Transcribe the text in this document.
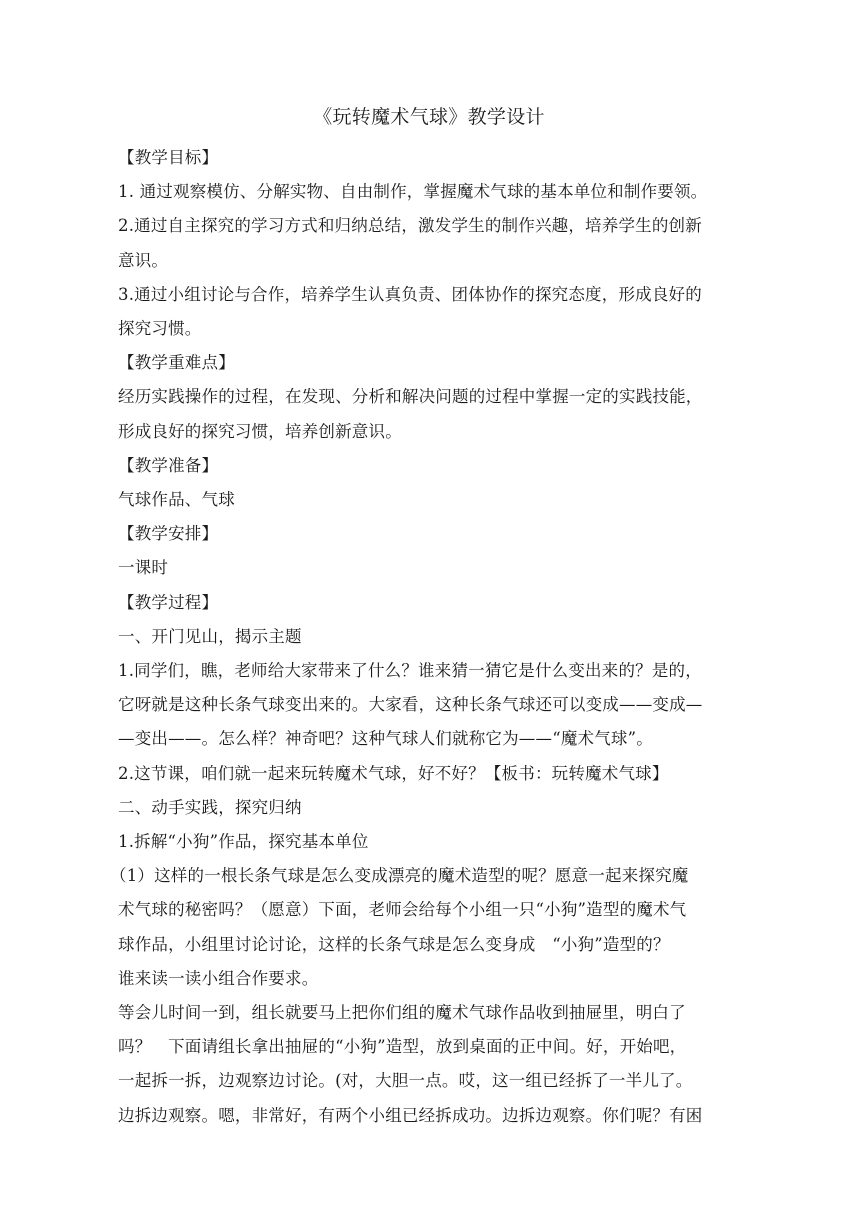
《玩转魔术气球》教学设计
【教学目标】
1. 通过观察模仿、分解实物、自由制作，掌握魔术气球的基本单位和制作要领。
2.通过自主探究的学习方式和归纳总结，激发学生的制作兴趣，培养学生的创新
意识。
3.通过小组讨论与合作，培养学生认真负责、团体协作的探究态度，形成良好的
探究习惯。
【教学重难点】
经历实践操作的过程，在发现、分析和解决问题的过程中掌握一定的实践技能，
形成良好的探究习惯，培养创新意识。
【教学准备】
气球作品、气球
【教学安排】
一课时
【教学过程】
一、开门见山，揭示主题
1.同学们，瞧，老师给大家带来了什么？谁来猜一猜它是什么变出来的？是的，
它呀就是这种长条气球变出来的。大家看，这种长条气球还可以变成——变成—
—变出——。怎么样？神奇吧？这种气球人们就称它为——“魔术气球”。
2.这节课，咱们就一起来玩转魔术气球，好不好？【板书：玩转魔术气球】
二、动手实践，探究归纳
1.拆解“小狗”作品，探究基本单位
（1）这样的一根长条气球是怎么变成漂亮的魔术造型的呢？愿意一起来探究魔
术气球的秘密吗？（愿意）下面，老师会给每个小组一只“小狗”造型的魔术气
球作品，小组里讨论讨论，这样的长条气球是怎么变身成　“小狗”造型的？
谁来读一读小组合作要求。
等会儿时间一到，组长就要马上把你们组的魔术气球作品收到抽屉里，明白了
吗？　下面请组长拿出抽屉的“小狗”造型，放到桌面的正中间。好，开始吧，
一起拆一拆，边观察边讨论。(对，大胆一点。哎，这一组已经拆了一半儿了。
边拆边观察。嗯，非常好，有两个小组已经拆成功。边拆边观察。你们呢？有困
